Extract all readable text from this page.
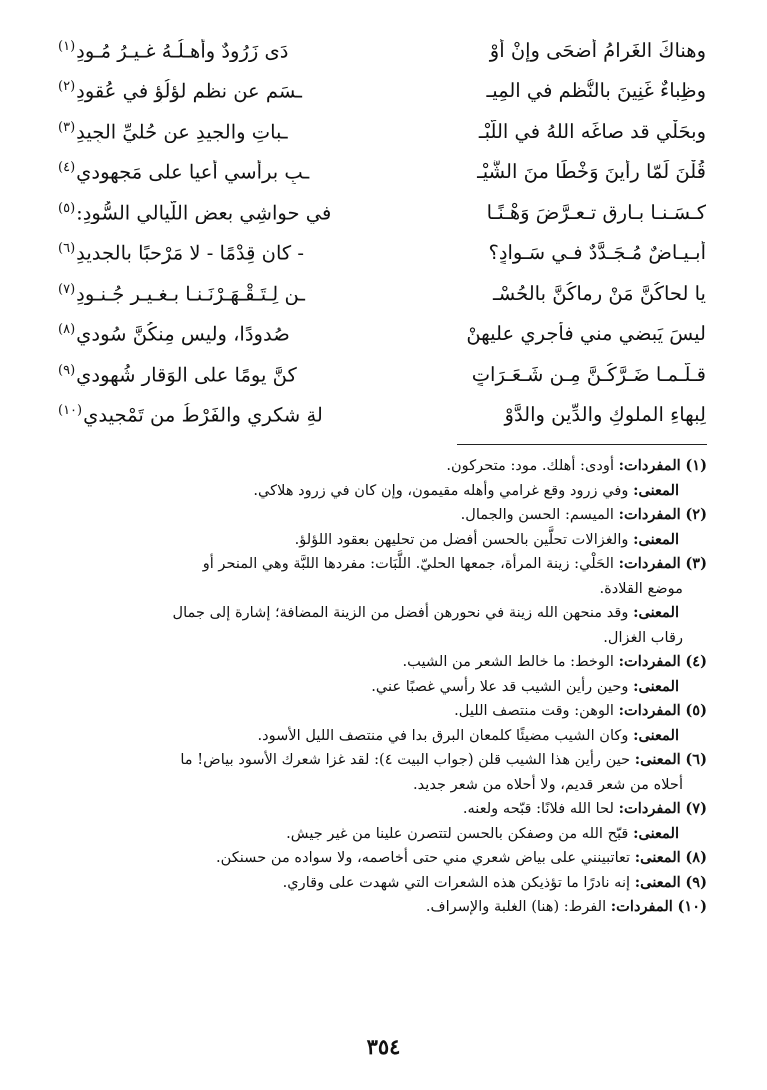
وهناكَ الغَرامُ أضحَى وإنْ أوْ
دَى زَرُودٌ وأهـلُـهُ غـيـرُ مُـودِ$^{(١)}$
وظِباءٌ غَنِينَ بالنُّظمِ في المِيـ
ـسَمِ عن نظمِ لؤلُؤٍ في عُقودِ$^{(٢)}$
وبحَلْيٍ قد صاغَه اللهُ في اللَّبْـ
ـباتِ والجيدِ عن حُليِّ الجِيدِ$^{(٣)}$
قُلْنَ لَمّا رأينَ وَخْطًا منَ الشَّيْـ
ـبِ برأسي أعيا على مَجهودي$^{(٤)}$
كـسَـنـا بـارِقٍ تـعـرَّضَ وَهْـنًـا
في حواشِي بعضِ اللّيالي السُّودِ:$^{(٥)}$
أبـيـاضٌ مُـجَـدَّدٌ فـي سَـوادٍ؟
- كان قِدْمًا - لا مَرْحبًا بالجديدِ$^{(٦)}$
يا لحاكُنَّ مَنْ رماكُنَّ بالحُسْـ
ـنِ لِـتَـقْـهَـرْنَـنـا بـغـيـرِ جُـنـودِ$^{(٧)}$
ليسَ يَبضي مني فأُجري عليهنْ
صُدودًا، وليس مِنكُنَّ سُودي$^{(٨)}$
قـلَّـمـا ضَـرَّكُـنَّ مِـن شَـعَـرَاتٍ
كنَّ يومًا على الوَقارِ شُهودي$^{(٩)}$
لِبهاءِ الملوكِ والدِّين والدَّوْ
لةِ شكري والفَرْطُ من تَمْجيدي$^{(١٠)}$

(١) المفردات: أودى: أهلك. مود: متحركون.

المعنى: وفي زرود وقع غرامي وأهله مقيمون، وإن كان في زرود هلاكي.

(٢) المفردات: الميسم: الحسن والجمال.

المعنى: والغزالات تحلَّين بالحسن أفضل من تحليهن بعقود اللؤلؤ.

(٣) المفردات: الحَلْي: زينة المرأة، جمعها الحليّ. اللَّبَات: مفردها اللبَّة وهي المنحر أو

موضع القلادة.

المعنى: وقد منحهن الله زينة في نحورهن أفضل من الزينة المضافة؛ إشارة إلى جمال

رقاب الغزال.

(٤) المفردات: الوخط: ما خالط الشعر من الشيب.

المعنى: وحين رأين الشيب قد علا رأسي غصبًا عني.

(٥) المفردات: الوهن: وقت منتصف الليل.

المعنى: وكان الشيب مضيئًا كلمعان البرق بدا في منتصف الليل الأسود.

(٦) المعنى: حين رأين هذا الشيب قلن (جواب البيت ٤): لقد غزا شعرك الأسود بياض! ما

أحلاه من شعر قديم، ولا أحلاه من شعر جديد.

(٧) المفردات: لحا الله فلانًا: قبّحه ولعنه.

المعنى: قبّح الله من وصفكن بالحسن لتتصرن علينا من غير جيش.

(٨) المعنى: تعاتبينني على بياض شعري مني حتى أخاصمه، ولا سواده من حسنكن.

(٩) المعنى: إنه نادرًا ما تؤذيكن هذه الشعرات التي شهدت على وقاري.

(١٠) المفردات: الفرط: (هنا) الغلبة والإسراف.

٣٥٤
